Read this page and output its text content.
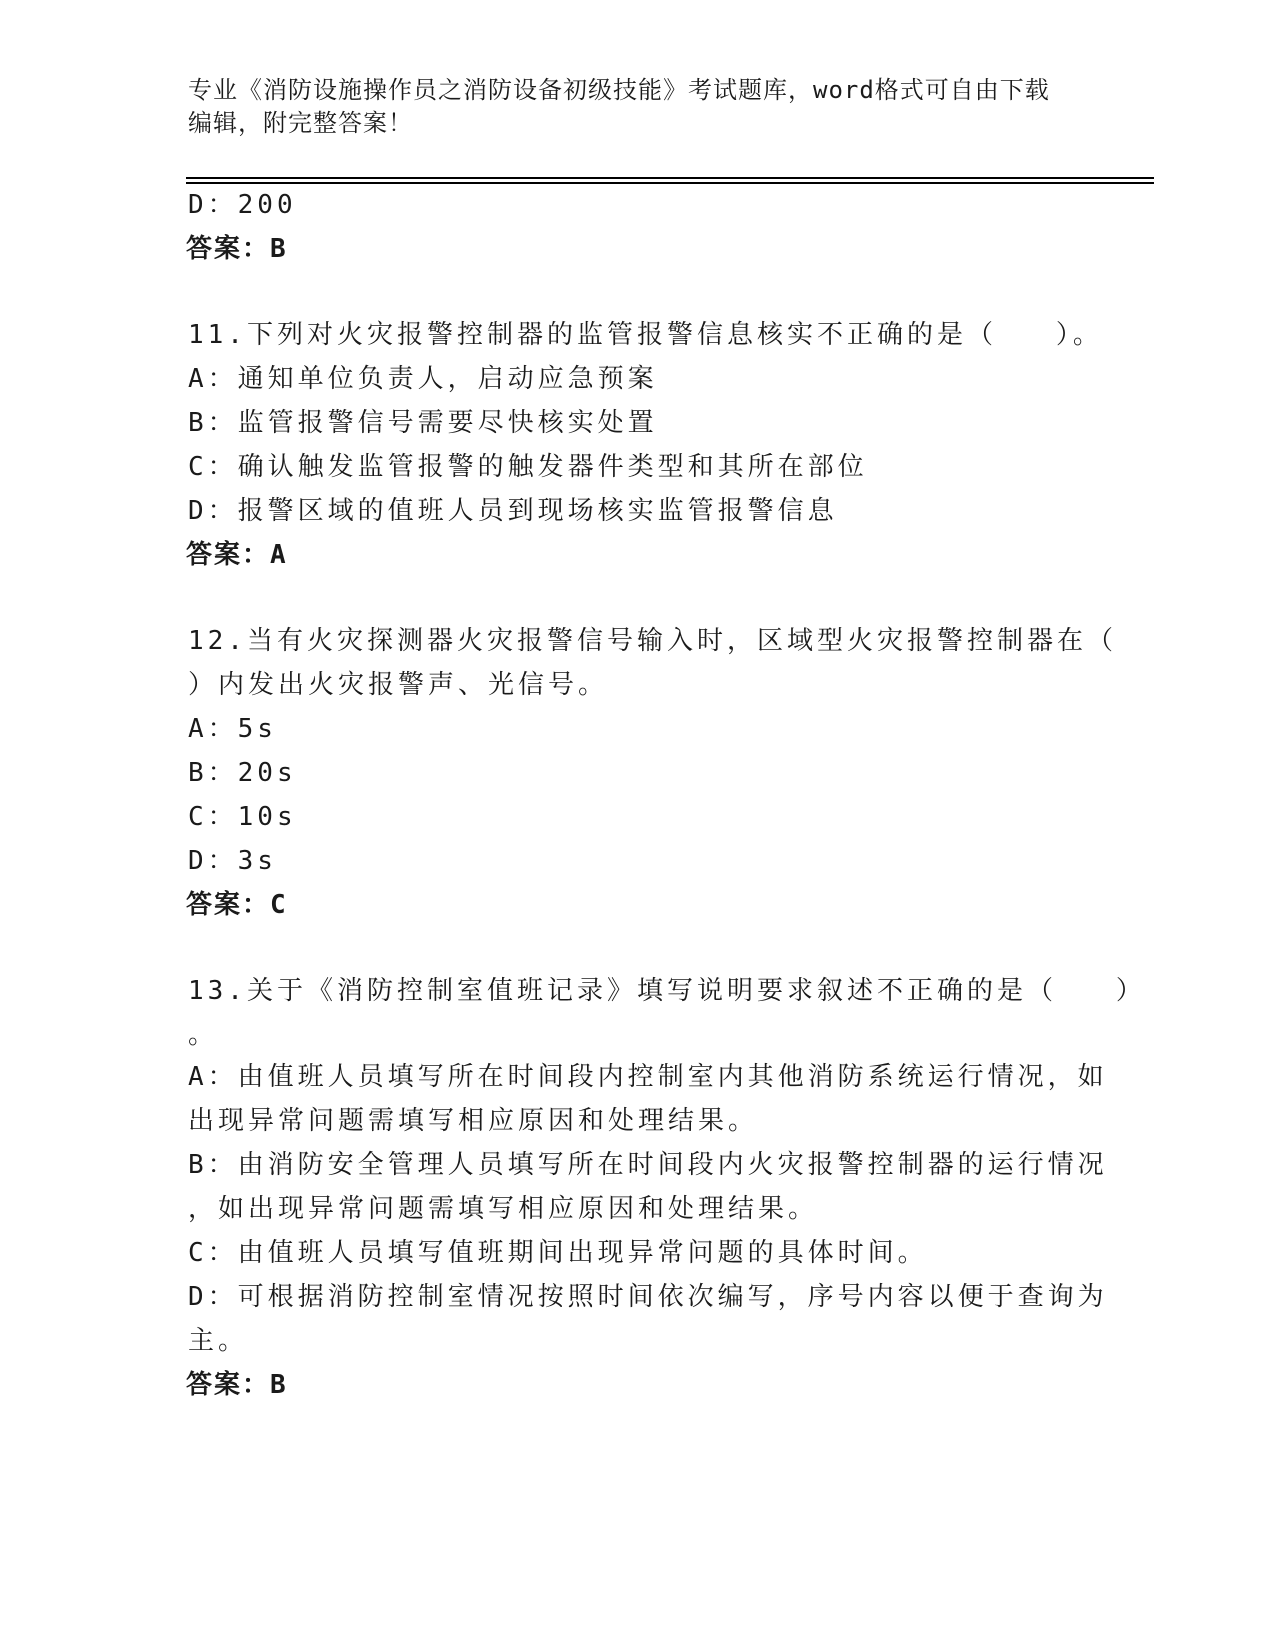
专业《消防设施操作员之消防设备初级技能》考试题库，word格式可自由下载编辑，附完整答案！
D：200
答案：B
11.下列对火灾报警控制器的监管报警信息核实不正确的是（   ）。
A：通知单位负责人，启动应急预案
B：监管报警信号需要尽快核实处置
C：确认触发监管报警的触发器件类型和其所在部位
D：报警区域的值班人员到现场核实监管报警信息
答案：A
12.当有火灾探测器火灾报警信号输入时，区域型火灾报警控制器在（
）内发出火灾报警声、光信号。
A：5s
B：20s
C：10s
D：3s
答案：C
13.关于《消防控制室值班记录》填写说明要求叙述不正确的是（   ）
。
A：由值班人员填写所在时间段内控制室内其他消防系统运行情况，如
出现异常问题需填写相应原因和处理结果。
B：由消防安全管理人员填写所在时间段内火灾报警控制器的运行情况
，如出现异常问题需填写相应原因和处理结果。
C：由值班人员填写值班期间出现异常问题的具体时间。
D：可根据消防控制室情况按照时间依次编写，序号内容以便于查询为
主。
答案：B
